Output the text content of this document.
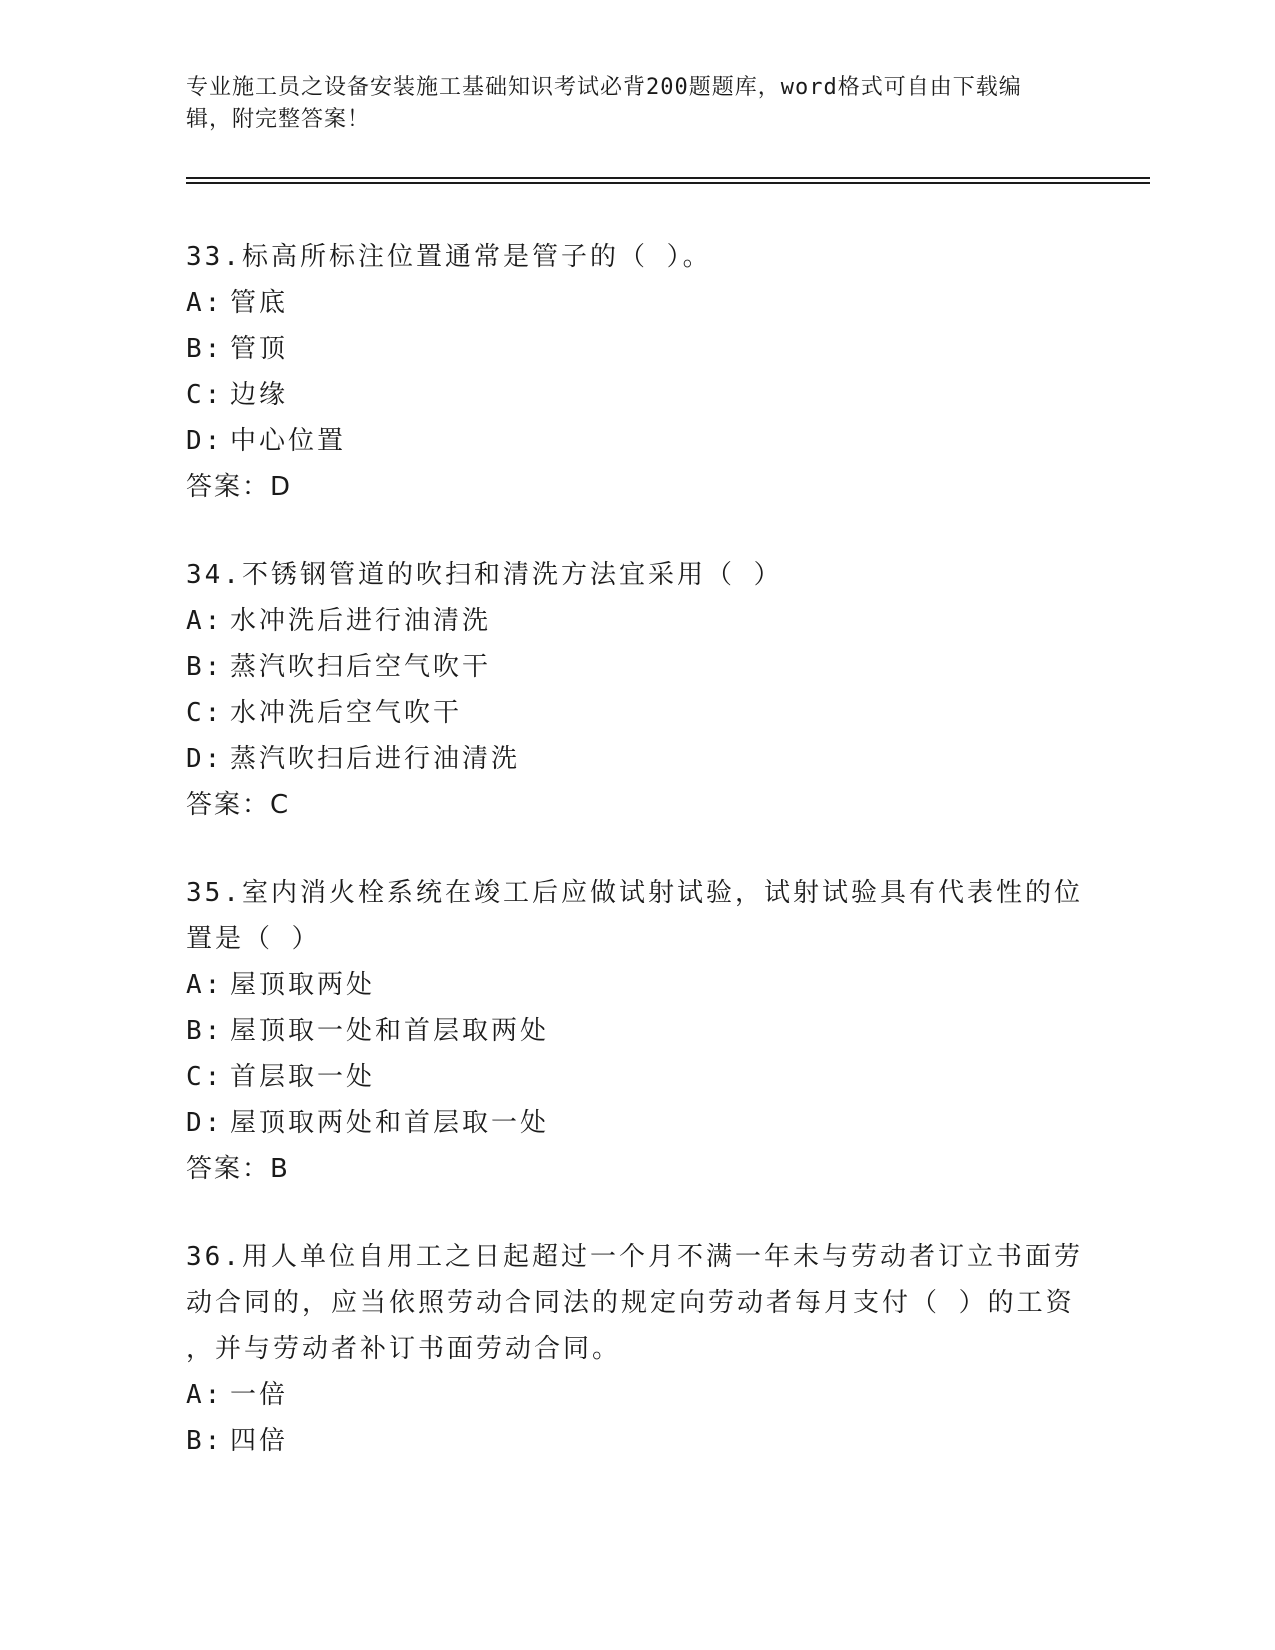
专业施工员之设备安装施工基础知识考试必背200题题库，word格式可自由下载编辑，附完整答案！
33.标高所标注位置通常是管子的（ ）。
A: 管底
B: 管顶
C: 边缘
D: 中心位置
答案：D
34.不锈钢管道的吹扫和清洗方法宜采用（ ）
A: 水冲洗后进行油清洗
B: 蒸汽吹扫后空气吹干
C: 水冲洗后空气吹干
D: 蒸汽吹扫后进行油清洗
答案：C
35.室内消火栓系统在竣工后应做试射试验，试射试验具有代表性的位
置是（ ）
A: 屋顶取两处
B: 屋顶取一处和首层取两处
C: 首层取一处
D: 屋顶取两处和首层取一处
答案：B
36.用人单位自用工之日起超过一个月不满一年未与劳动者订立书面劳
动合同的，应当依照劳动合同法的规定向劳动者每月支付（ ）的工资
，并与劳动者补订书面劳动合同。
A: 一倍
B: 四倍
